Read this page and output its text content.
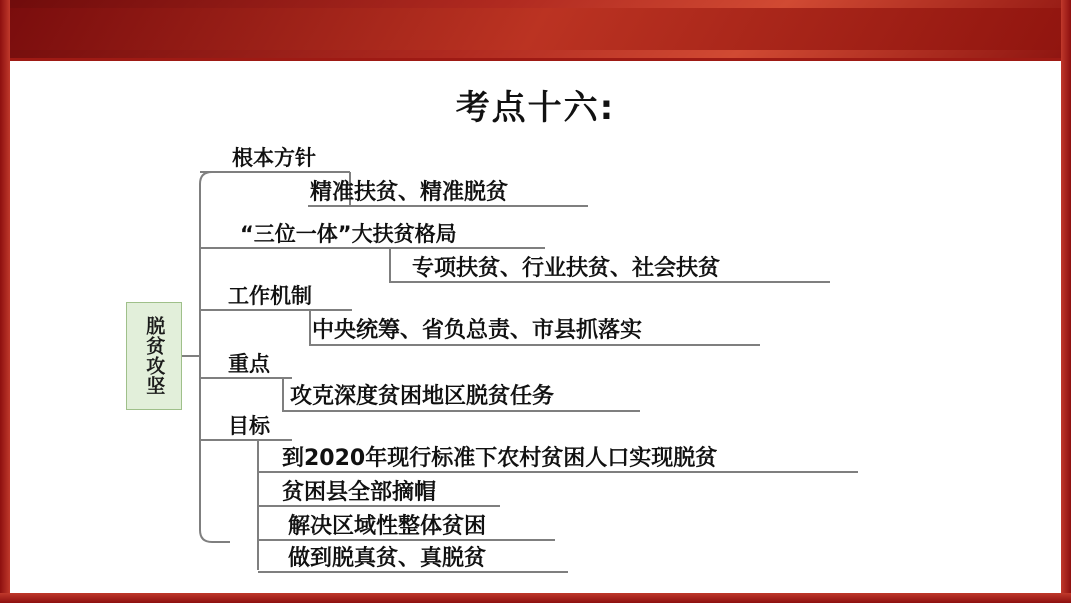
考点十六:
脱贫攻坚
根本方针
“三位一体”大扶贫格局
工作机制
重点
目标
精准扶贫、精准脱贫
专项扶贫、行业扶贫、社会扶贫
中央统筹、省负总责、市县抓落实
攻克深度贫困地区脱贫任务
到2020年现行标准下农村贫困人口实现脱贫
贫困县全部摘帽
解决区域性整体贫困
做到脱真贫、真脱贫
